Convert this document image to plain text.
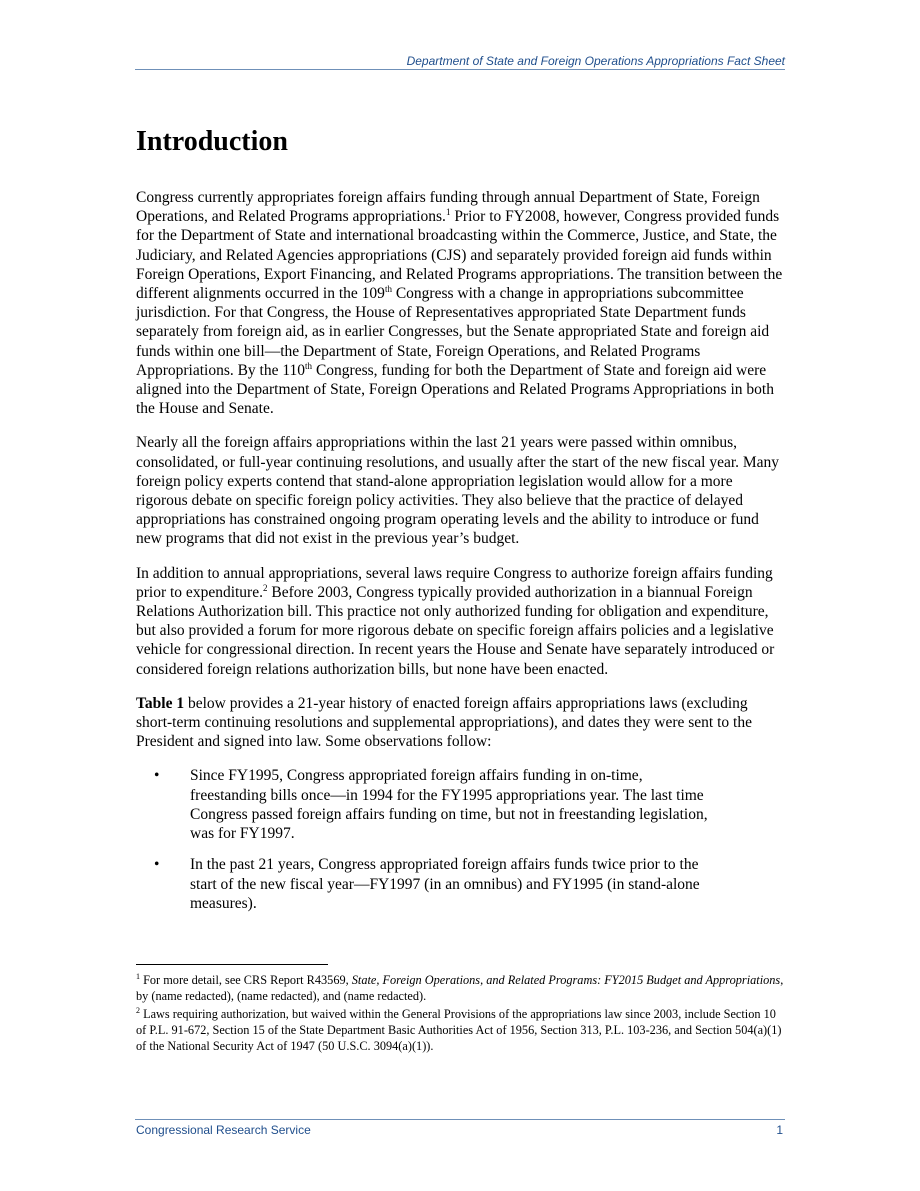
Department of State and Foreign Operations Appropriations Fact Sheet
Introduction

Congress currently appropriates foreign affairs funding through annual Department of State, Foreign Operations, and Related Programs appropriations.$^1$ Prior to FY2008, however, Congress provided funds for the Department of State and international broadcasting within the Commerce, Justice, and State, the Judiciary, and Related Agencies appropriations (CJS) and separately provided foreign aid funds within Foreign Operations, Export Financing, and Related Programs appropriations. The transition between the different alignments occurred in the 109th Congress with a change in appropriations subcommittee jurisdiction. For that Congress, the House of Representatives appropriated State Department funds separately from foreign aid, as in earlier Congresses, but the Senate appropriated State and foreign aid funds within one bill—the Department of State, Foreign Operations, and Related Programs Appropriations. By the 110th Congress, funding for both the Department of State and foreign aid were aligned into the Department of State, Foreign Operations and Related Programs Appropriations in both the House and Senate.

Nearly all the foreign affairs appropriations within the last 21 years were passed within omnibus, consolidated, or full-year continuing resolutions, and usually after the start of the new fiscal year. Many foreign policy experts contend that stand-alone appropriation legislation would allow for a more rigorous debate on specific foreign policy activities. They also believe that the practice of delayed appropriations has constrained ongoing program operating levels and the ability to introduce or fund new programs that did not exist in the previous year’s budget.

In addition to annual appropriations, several laws require Congress to authorize foreign affairs funding prior to expenditure.$^2$ Before 2003, Congress typically provided authorization in a biannual Foreign Relations Authorization bill. This practice not only authorized funding for obligation and expenditure, but also provided a forum for more rigorous debate on specific foreign affairs policies and a legislative vehicle for congressional direction. In recent years the House and Senate have separately introduced or considered foreign relations authorization bills, but none have been enacted.

Table 1 below provides a 21-year history of enacted foreign affairs appropriations laws (excluding short-term continuing resolutions and supplemental appropriations), and dates they were sent to the President and signed into law. Some observations follow:

• Since FY1995, Congress appropriated foreign affairs funding in on-time, freestanding bills once—in 1994 for the FY1995 appropriations year. The last time Congress passed foreign affairs funding on time, but not in freestanding legislation, was for FY1997.
• In the past 21 years, Congress appropriated foreign affairs funds twice prior to the start of the new fiscal year—FY1997 (in an omnibus) and FY1995 (in stand-alone measures).

$^1$ For more detail, see CRS Report R43569, State, Foreign Operations, and Related Programs: FY2015 Budget and Appropriations, by (name redacted), (name redacted), and (name redacted).

$^2$ Laws requiring authorization, but waived within the General Provisions of the appropriations law since 2003, include Section 10 of P.L. 91-672, Section 15 of the State Department Basic Authorities Act of 1956, Section 313, P.L. 103-236, and Section 504(a)(1) of the National Security Act of 1947 (50 U.S.C. 3094(a)(1)).

Congressional Research Service	1
